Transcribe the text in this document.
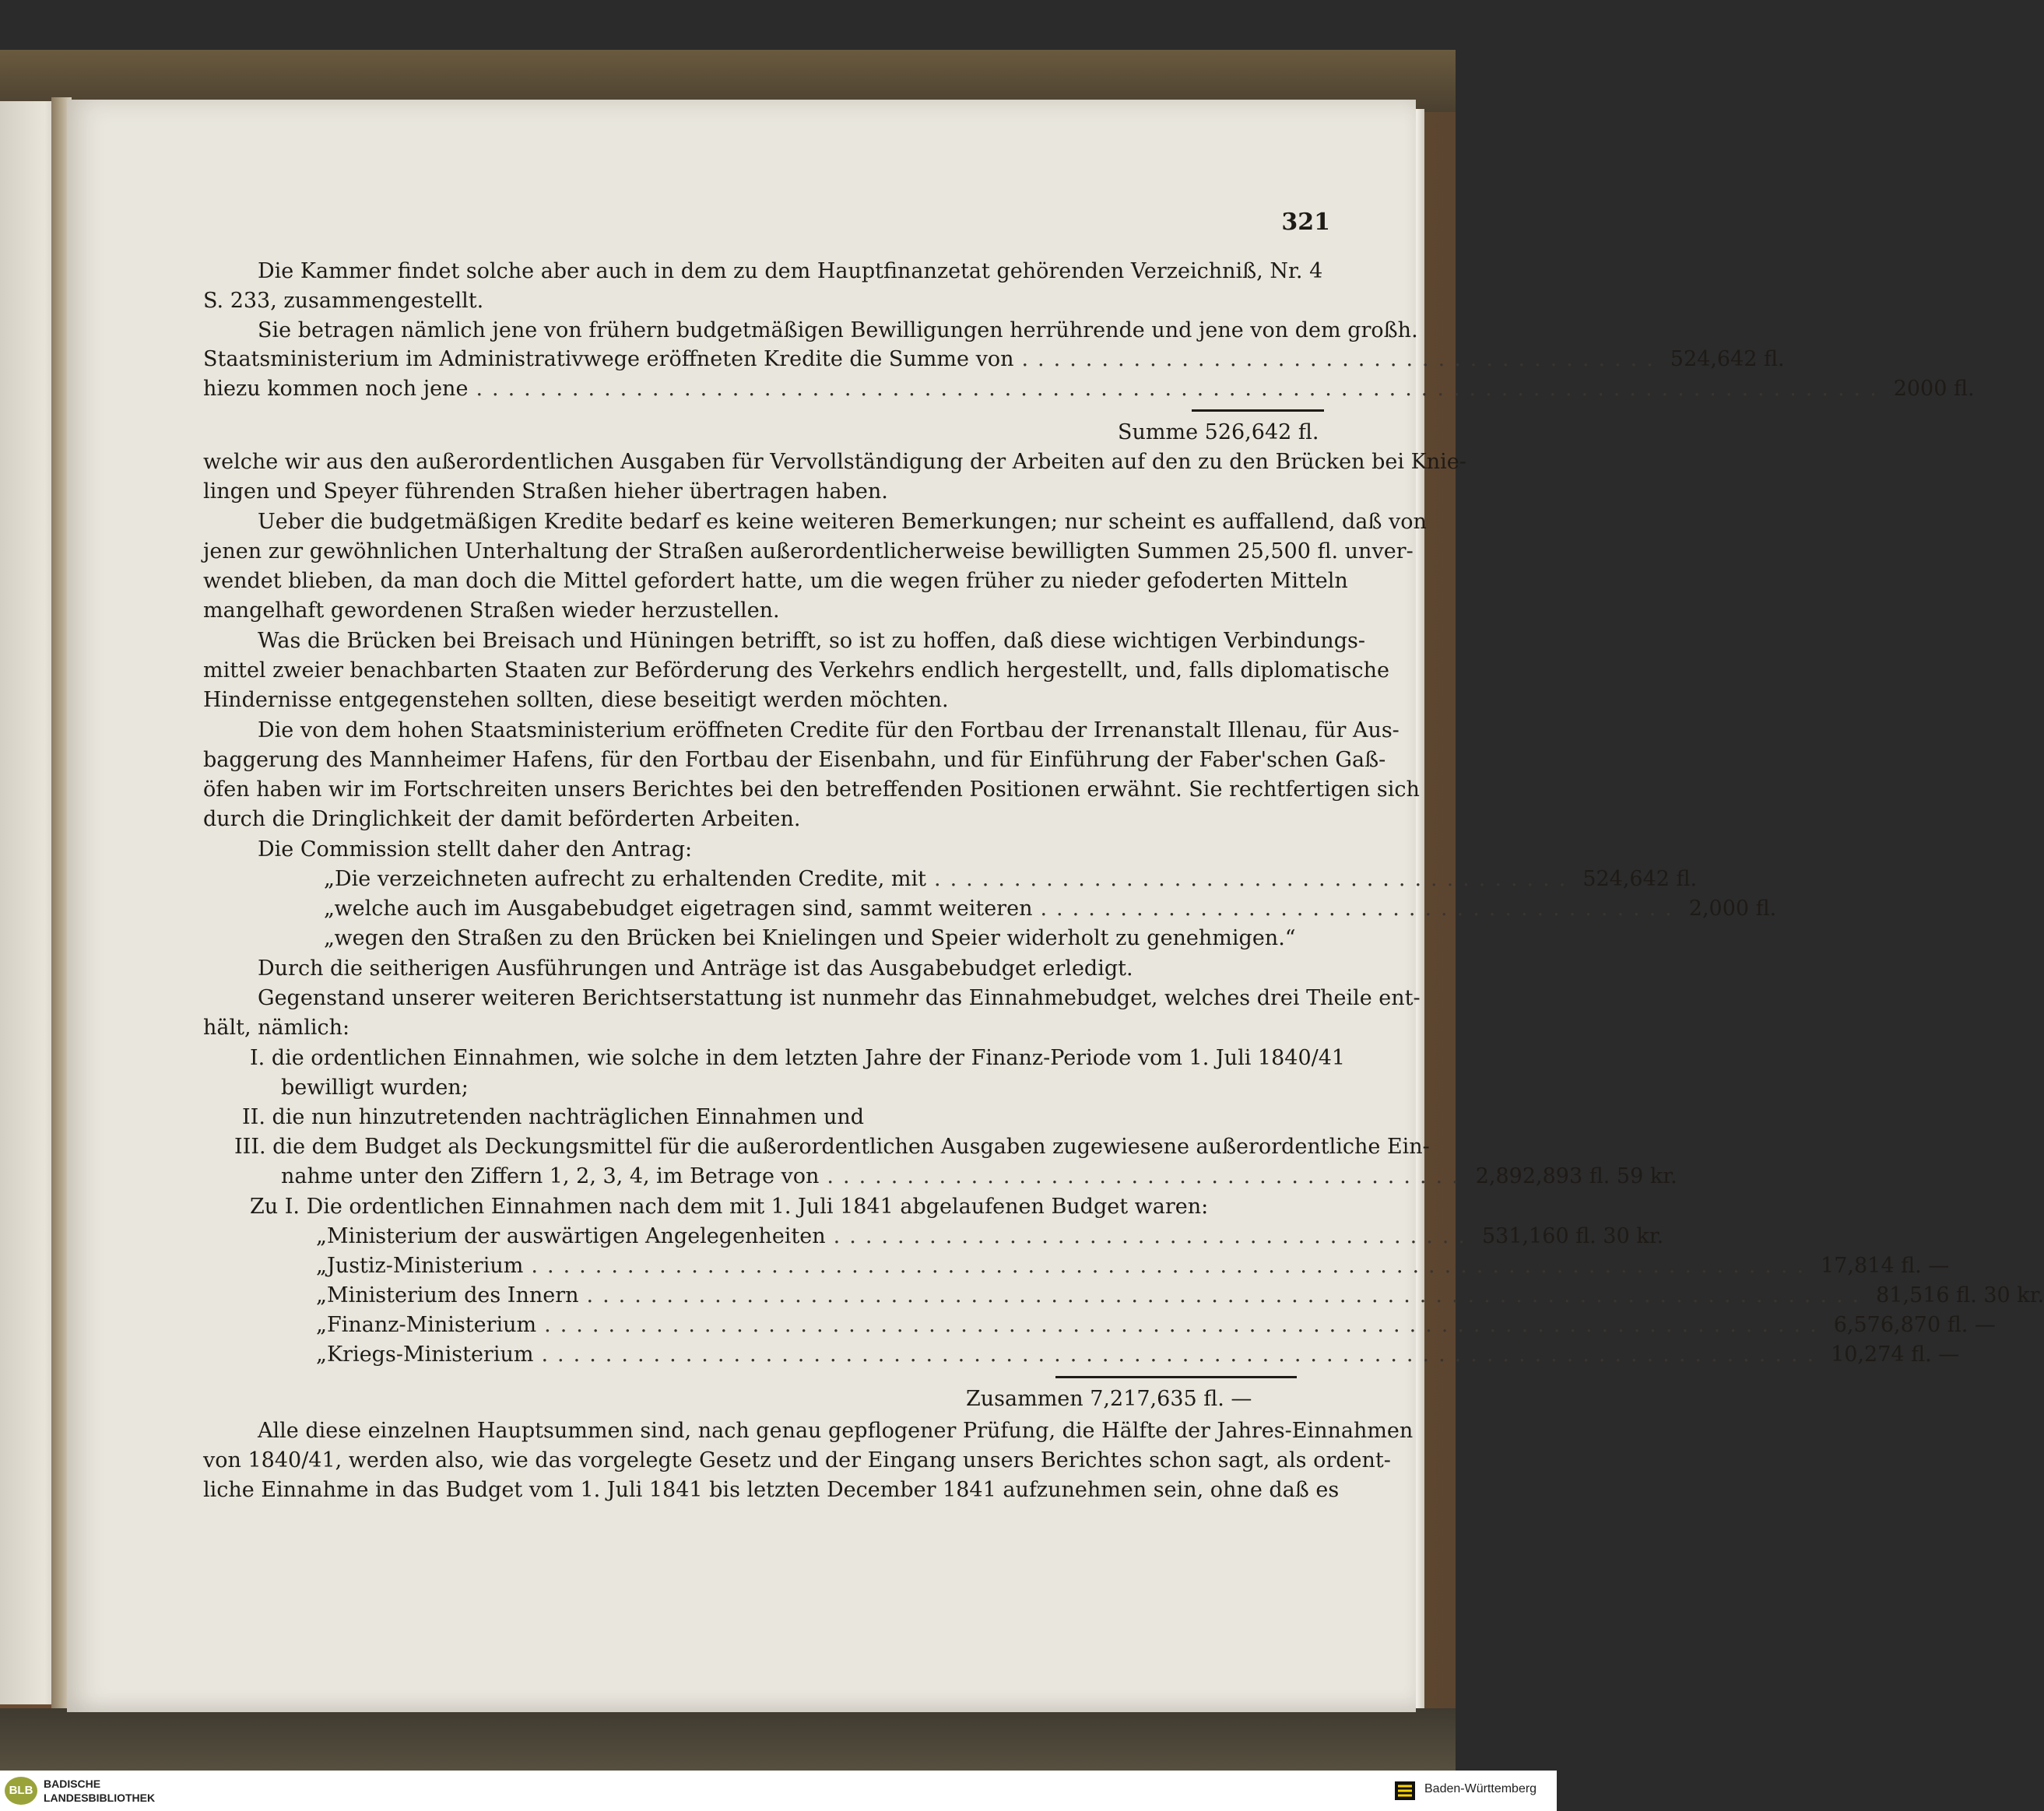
321
Die Kammer findet solche aber auch in dem zu dem Hauptfinanzetat gehörenden Verzeichniß, Nr. 4
S. 233, zusammengestellt.
Sie betragen nämlich jene von frühern budgetmäßigen Bewilligungen herrührende und jene von dem großh.
Staatsministerium im Administrativwege eröffneten Kredite die Summe von ........................................ 524,642 fl.
hiezu kommen noch jene ........................................................................................ 2000 fl.
Summe 526,642 fl.
welche wir aus den außerordentlichen Ausgaben für Vervollständigung der Arbeiten auf den zu den Brücken bei Knie-
lingen und Speyer führenden Straßen hieher übertragen haben.
Ueber die budgetmäßigen Kredite bedarf es keine weiteren Bemerkungen; nur scheint es auffallend, daß von
jenen zur gewöhnlichen Unterhaltung der Straßen außerordentlicherweise bewilligten Summen 25,500 fl. unver-
wendet blieben, da man doch die Mittel gefordert hatte, um die wegen früher zu nieder gefoderten Mitteln
mangelhaft gewordenen Straßen wieder herzustellen.
Was die Brücken bei Breisach und Hüningen betrifft, so ist zu hoffen, daß diese wichtigen Verbindungs-
mittel zweier benachbarten Staaten zur Beförderung des Verkehrs endlich hergestellt, und, falls diplomatische
Hindernisse entgegenstehen sollten, diese beseitigt werden möchten.
Die von dem hohen Staatsministerium eröffneten Credite für den Fortbau der Irrenanstalt Illenau, für Aus-
baggerung des Mannheimer Hafens, für den Fortbau der Eisenbahn, und für Einführung der Faber'schen Gaß-
öfen haben wir im Fortschreiten unsers Berichtes bei den betreffenden Positionen erwähnt. Sie rechtfertigen sich
durch die Dringlichkeit der damit beförderten Arbeiten.
Die Commission stellt daher den Antrag:
„Die verzeichneten aufrecht zu erhaltenden Credite, mit ........................................ 524,642 fl.
„welche auch im Ausgabebudget eigetragen sind, sammt weiteren ........................................ 2,000 fl.
„wegen den Straßen zu den Brücken bei Knielingen und Speier widerholt zu genehmigen.“
Durch die seitherigen Ausführungen und Anträge ist das Ausgabebudget erledigt.
Gegenstand unserer weiteren Berichtserstattung ist nunmehr das Einnahmebudget, welches drei Theile ent-
hält, nämlich:
I. die ordentlichen Einnahmen, wie solche in dem letzten Jahre der Finanz-Periode vom 1. Juli 1840/41
bewilligt wurden;
II. die nun hinzutretenden nachträglichen Einnahmen und
III. die dem Budget als Deckungsmittel für die außerordentlichen Ausgaben zugewiesene außerordentliche Ein-
nahme unter den Ziffern 1, 2, 3, 4, im Betrage von ........................................ 2,892,893 fl. 59 kr.
Zu I. Die ordentlichen Einnahmen nach dem mit 1. Juli 1841 abgelaufenen Budget waren:
„Ministerium der auswärtigen Angelegenheiten ........................................ 531,160 fl. 30 kr.
„Justiz-Ministerium ................................................................................ 17,814 fl. —
„Ministerium des Innern ................................................................................ 81,516 fl. 30 kr.
„Finanz-Ministerium ................................................................................ 6,576,870 fl. —
„Kriegs-Ministerium ................................................................................ 10,274 fl. —
Zusammen 7,217,635 fl. —
Alle diese einzelnen Hauptsummen sind, nach genau gepflogener Prüfung, die Hälfte der Jahres-Einnahmen
von 1840/41, werden also, wie das vorgelegte Gesetz und der Eingang unsers Berichtes schon sagt, als ordent-
liche Einnahme in das Budget vom 1. Juli 1841 bis letzten December 1841 aufzunehmen sein, ohne daß es
BLB BADISCHE
LANDESBIBLIOTHEK
Baden-Württemberg
